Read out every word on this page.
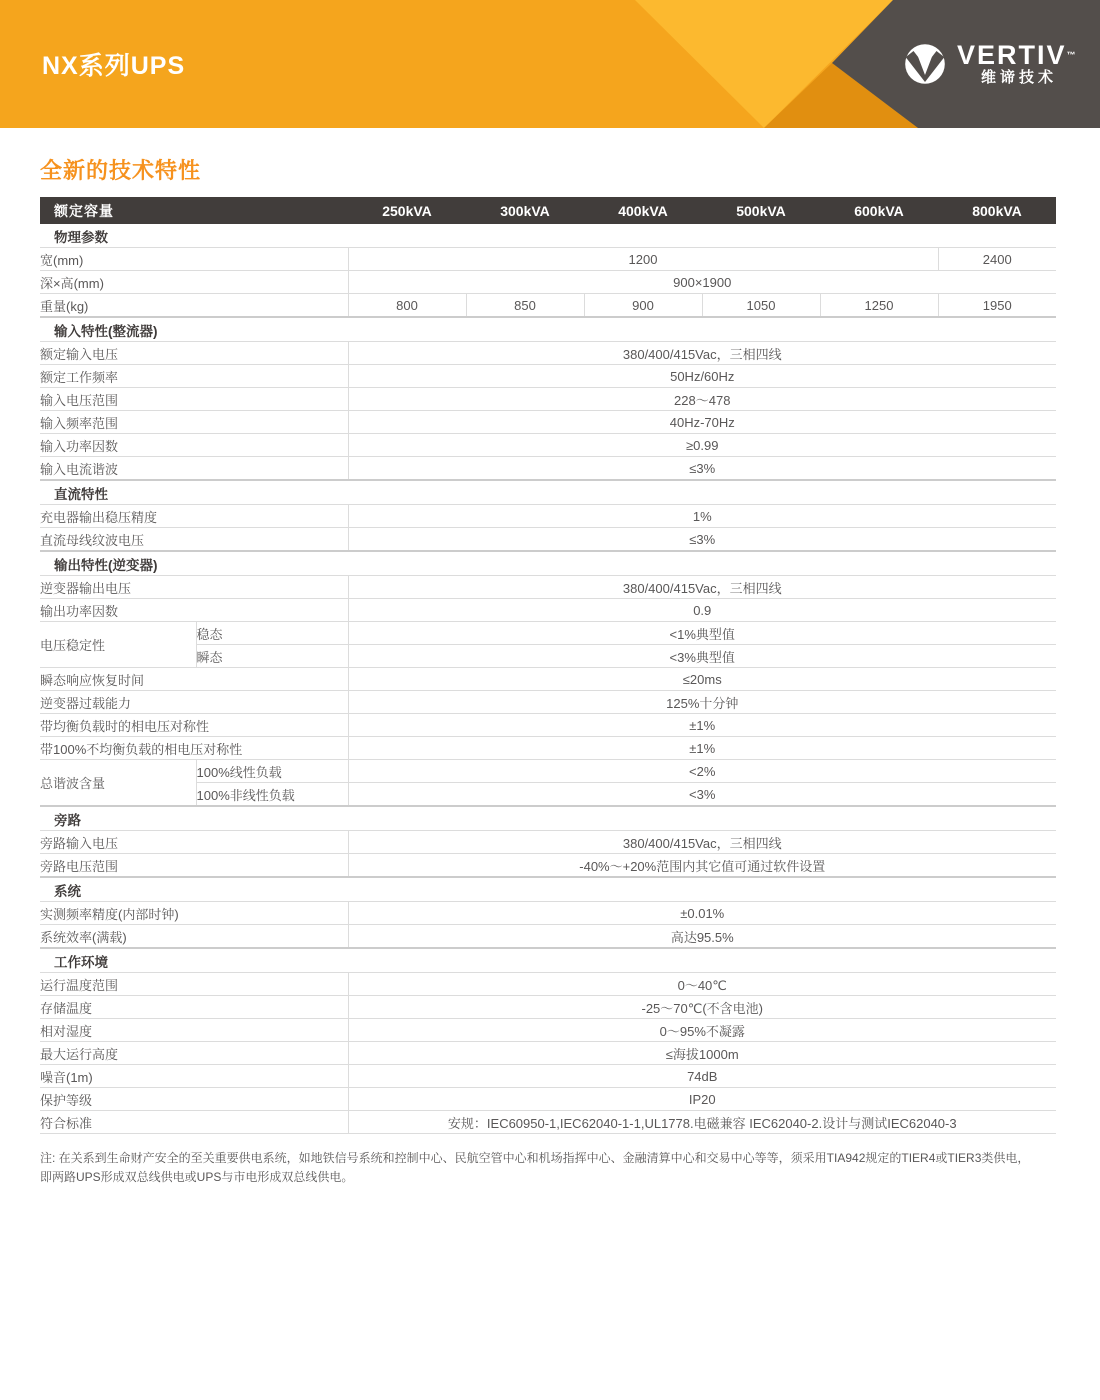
NX系列UPS	VERTIV™
维谛技术
全新的技术特性
额定容量		250kVA	300kVA	400kVA	500kVA	600kVA	800kVA
物理参数							
宽(mm)		1200					2400
深×高(mm)		900×1900					
重量(kg)		800	850	900	1050	1250	1950
输入特性(整流器)							
额定输入电压		380/400/415Vac，三相四线					
额定工作频率		50Hz/60Hz					
输入电压范围		228～478					
输入频率范围		40Hz-70Hz					
输入功率因数		≥0.99					
输入电流谐波		≤3%					
直流特性							
充电器输出稳压精度		1%					
直流母线纹波电压		≤3%					
输出特性(逆变器)							
逆变器输出电压		380/400/415Vac，三相四线					
输出功率因数		0.9					
电压稳定性	稳态	<1%典型值					
	瞬态	<3%典型值					
瞬态响应恢复时间		≤20ms					
逆变器过载能力		125%十分钟					
带均衡负载时的相电压对称性		±1%					
带100%不均衡负载的相电压对称性		±1%					
总谐波含量	100%线性负载	<2%					
	100%非线性负载	<3%					
旁路							
旁路输入电压		380/400/415Vac，三相四线					
旁路电压范围		-40%～+20%范围内其它值可通过软件设置					
系统							
实测频率精度(内部时钟)		±0.01%					
系统效率(满载)		高达95.5%					
工作环境							
运行温度范围		0～40℃					
存储温度		-25～70℃(不含电池)					
相对湿度		0～95%不凝露					
最大运行高度		≤海拔1000m					
噪音(1m)		74dB					
保护等级		IP20					
符合标准		安规：IEC60950-1,IEC62040-1-1,UL1778.电磁兼容 IEC62040-2.设计与测试IEC62040-3					
注: 在关系到生命财产安全的至关重要供电系统，如地铁信号系统和控制中心、民航空管中心和机场指挥中心、金融清算中心和交易中心等等，须采用TIA942规定的TIER4或TIER3类供电，
即两路UPS形成双总线供电或UPS与市电形成双总线供电。
